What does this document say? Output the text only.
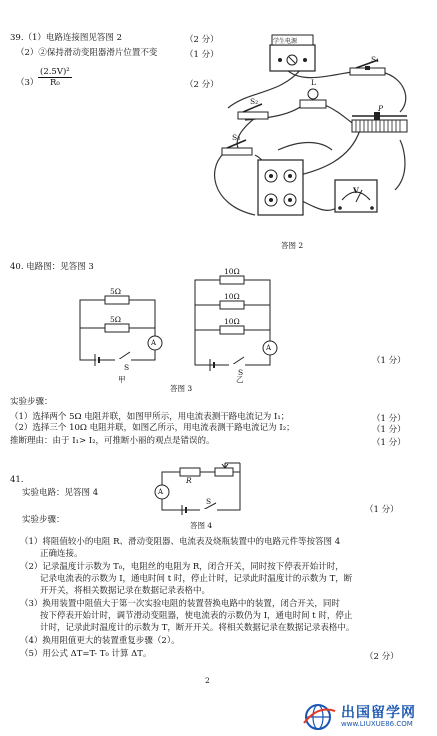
39.（1）电路连接图见答图 2	（2 分）
（2）②保持滑动变阻器滑片位置不变	（1 分）
$(3) \frac{\text{(2.5V)²}}{\text{R₀}}$	（2 分）
学生电源
S₁
S₂
S₃
L
P
V
答图 2
40. 电路图：见答图 3
5Ω
5Ω
A
S
甲
10Ω
10Ω
10Ω
A
S
乙
（1 分）
答图 3
实验步骤：
（1）选择两个 5Ω 电阻并联，如图甲所示，用电流表测干路电流记为 I₁；	（1 分）
（2）选择三个 10Ω 电阻并联，如图乙所示，用电流表测干路电流记为 I₂；	（1 分）
推断理由：由于 I₁> I₂，可推断小丽的观点是错误的。	（1 分）
41.
实验电路：见答图 4
R
A
S
答图 4
（1 分）
实验步骤：
（1）将阻值较小的电阻 R、滑动变阻器、电流表及烧瓶装置中的电路元件等按答图 4
正确连接。
（2）记录温度计示数为 T₀，电阻丝的电阻为 R，闭合开关，同时按下停表开始计时，
记录电流表的示数为 I，通电时间 t 时，停止计时，记录此时温度计的示数为 T，断
开开关，将相关数据记录在数据记录表格中。
（3）换用装置中阻值大于第一次实验电阻的装置替换电路中的装置，闭合开关，同时
按下停表开始计时，调节滑动变阻器，使电流表的示数仍为 I，通电时间 t 时，停止
计时，记录此时温度计的示数为 T，断开开关。将相关数据记录在数据记录表格中。
（4）换用阻值更大的装置重复步骤（2）。
（5）用公式 ΔT=T- T₀ 计算 ΔT。	（2 分）
2
出国留学网
www.LIUXUE86.COM
